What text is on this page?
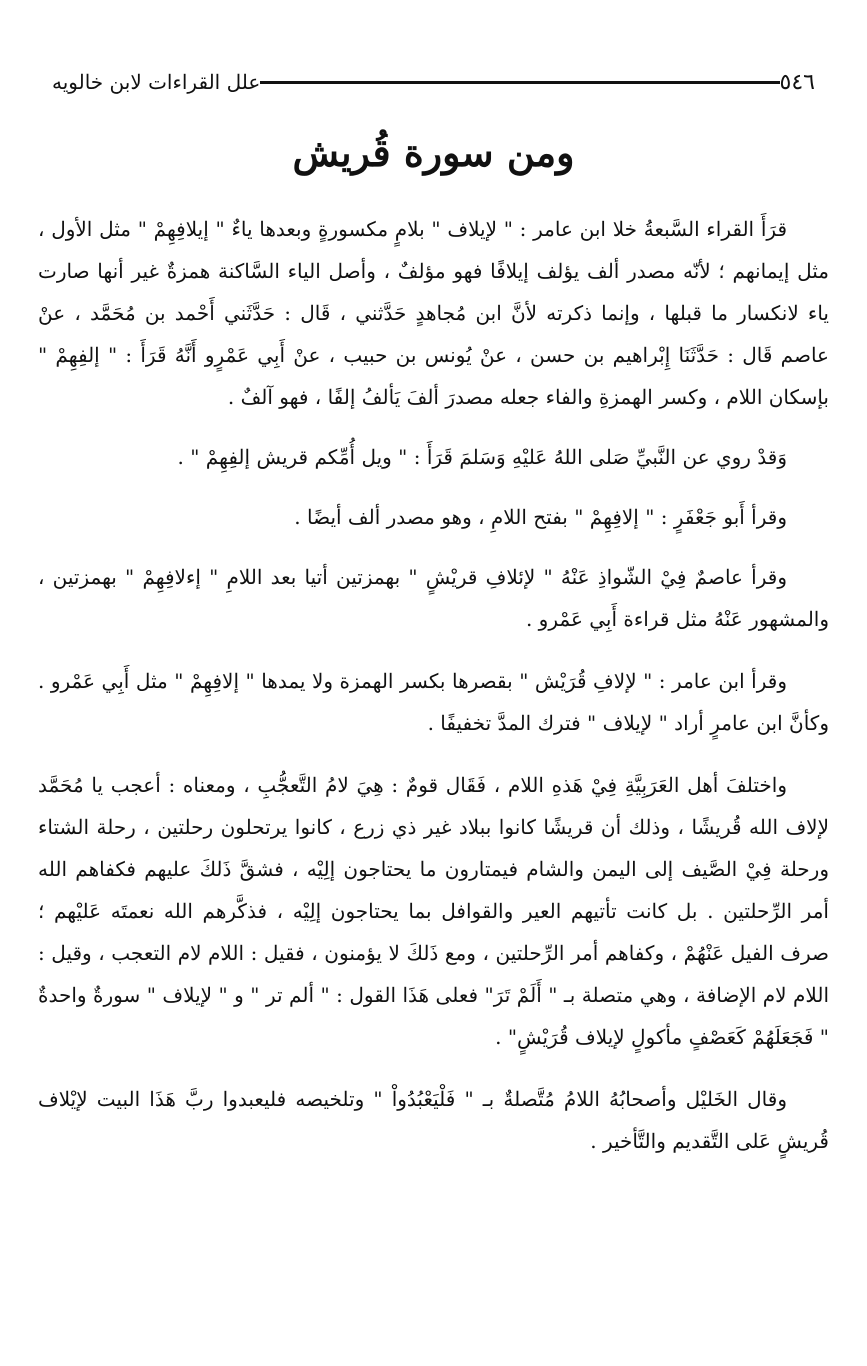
٥٤٦
علل القراءات لابن خالويه
ومن سورة قُريش

قرَأَ القراء السَّبعةُ خلا ابن عامر : " لإيلاف " بلامٍ مكسورةٍ وبعدها ياءٌ " إيلافِهِمْ " مثل الأول ، مثل إيمانهم ؛ لأنّه مصدر ألف يؤلف إيلافًا فهو مؤلفٌ ، وأصل الياء السَّاكنة همزةٌ غير أنها صارت ياء لانكسار ما قبلها ، وإنما ذكرته لأنَّ ابن مُجاهدٍ حَدَّثني ، قَال : حَدَّثَني أَحْمد بن مُحَمَّد ، عنْ عاصم قَال : حَدَّثَنَا إِبْراهيم بن حسن ، عنْ يُونس بن حبيب ، عنْ أَبِي عَمْرٍو أَنَّهُ قَرَأَ : " إلفِهِمْ " بإسكان اللام ، وكسر الهمزةِ والفاء جعله مصدرَ ألفَ يَألفُ إلفًا ، فهو آلفٌ .

وَقدْ روي عن النَّبيِّ صَلى اللهُ عَليْهِ وَسَلمَ قَرَأَ : " ويل أُمِّكم قريش إلفِهِمْ " .

وقرأ أَبو جَعْفَرٍ : " إلافِهِمْ " بفتح اللامِ ، وهو مصدر ألف أيضًا .

وقرأ عاصمٌ فِيْ الشّواذِ عَنْهُ " لإئلافِ قريْشٍ " بهمزتين أتيا بعد اللامِ " إءلافِهِمْ " بهمزتين ، والمشهور عَنْهُ مثل قراءة أَبِي عَمْرو .

وقرأ ابن عامر : " لإلافِ قُرَيْش " بقصرها بكسر الهمزة ولا يمدها " إلافِهِمْ " مثل أَبِي عَمْرو . وكأنَّ ابن عامرٍ أراد " لإيلاف " فترك المدَّ تخفيفًا .

واختلفَ أهل العَرَبِيَّةِ فِيْ هَذهِ اللام ، فَقَال قومٌ : هِيَ لامُ التَّعجُّبِ ، ومعناه : أعجب يا مُحَمَّد لإلاف الله قُريشًا ، وذلك أن قريشًا كانوا ببلاد غير ذي زرع ، كانوا يرتحلون رحلتين ، رحلة الشتاء ورحلة فِيْ الصَّيف إلى اليمن والشام فيمتارون ما يحتاجون إلِيْه ، فشقَّ ذَلكَ عليهم فكفاهم الله أمر الرِّحلتين . بل كانت تأتيهم العير والقوافل بما يحتاجون إلِيْه ، فذكَّرهم الله نعمتَه عَليْهم ؛ صرف الفيل عَنْهُمْ ، وكفاهم أمر الرِّحلتين ، ومع ذَلكَ لا يؤمنون ، فقيل : اللام لام التعجب ، وقيل : اللام لام الإضافة ، وهي متصلة بـ " أَلَمْ تَرَ" فعلى هَذَا القول : " ألم تر " و " لإيلاف " سورةٌ واحدةٌ " فَجَعَلَهُمْ كَعَصْفٍ مأكولٍ لإيلاف قُرَيْشٍ" .

وقال الخَليْل وأصحابُهُ اللامُ مُتَّصلةٌ بـ " فَلْيَعْبُدُواْ " وتلخيصه فليعبدوا ربَّ هَذَا البيت لإيْلاف قُريشٍ عَلى التَّقديم والتَّأخير .
